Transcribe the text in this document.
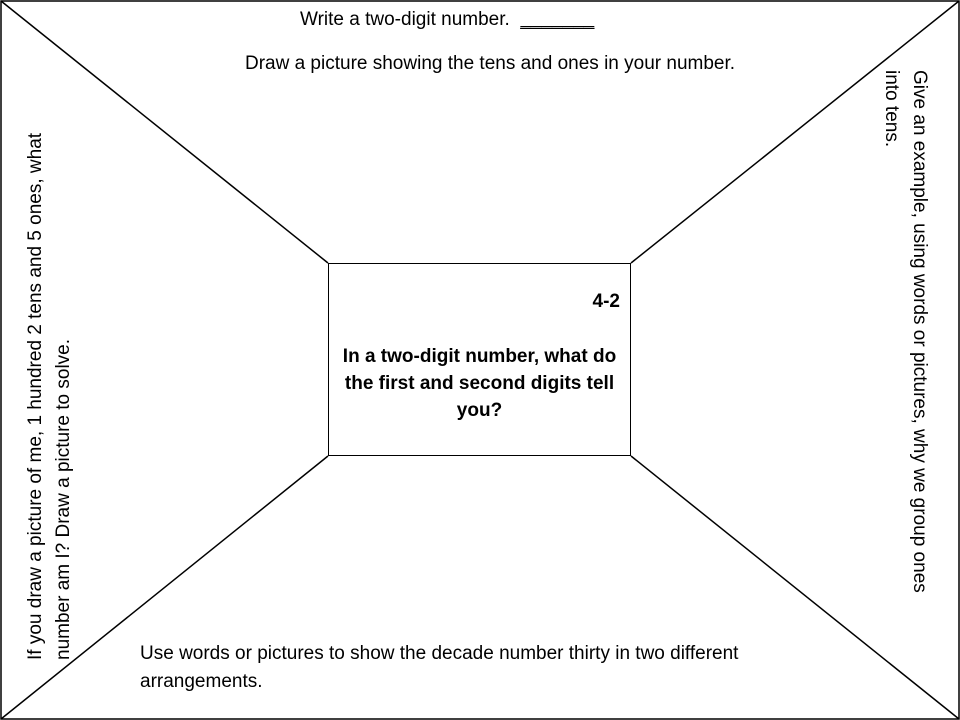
Write a two-digit number. _______
Draw a picture showing the tens and ones in your number.
If you draw a picture of me, 1 hundred 2 tens and 5 ones, what number am I? Draw a picture to solve.	Give an example, using words or pictures, why we group ones into tens.
Use words or pictures to show the decade number thirty in two different arrangements.
4-2
In a two-digit number, what do the first and second digits tell you?
